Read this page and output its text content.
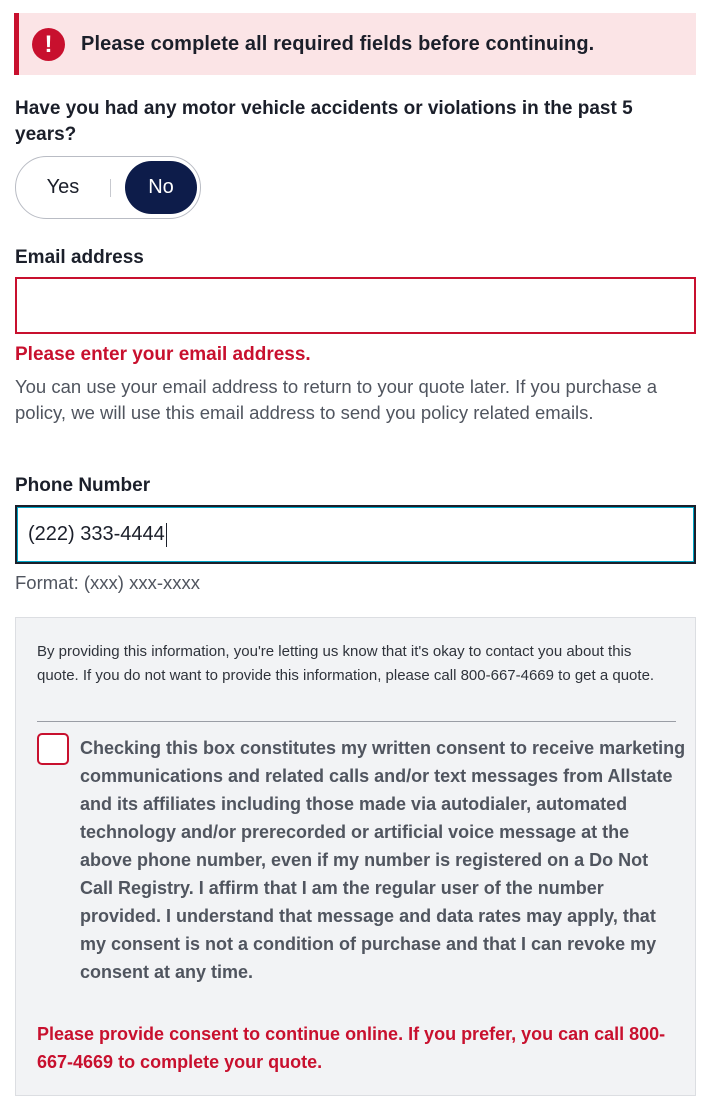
!	Please complete all required fields before continuing.
Have you had any motor vehicle accidents or violations in the past 5 years?
Yes	No
Email address
Please enter your email address.
You can use your email address to return to your quote later. If you purchase a policy, we will use this email address to send you policy related emails.
Phone Number
(222) 333-4444
Format: (xxx) xxx-xxxx
By providing this information, you're letting us know that it's okay to contact you about this quote. If you do not want to provide this information, please call 800-667-4669 to get a quote.
Checking this box constitutes my written consent to receive marketing communications and related calls and/or text messages from Allstate and its affiliates including those made via autodialer, automated technology and/or prerecorded or artificial voice message at the above phone number, even if my number is registered on a Do Not Call Registry. I affirm that I am the regular user of the number provided. I understand that message and data rates may apply, that my consent is not a condition of purchase and that I can revoke my consent at any time.
Please provide consent to continue online. If you prefer, you can call 800-667-4669 to complete your quote.
